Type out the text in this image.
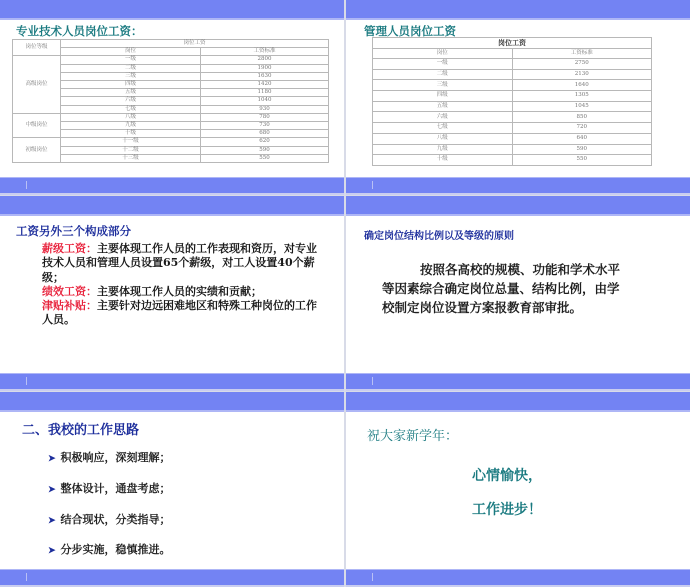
专业技术人员岗位工资：
岗位等级	岗位工资	
	岗位	工资标准
高级岗位	一级	2800
	二级	1900
	三级	1630
	四级	1420
	五级	1180
	六级	1040
	七级	930
中级岗位	八级	780
	九级	730
	十级	680
初级岗位	十一级	620
	十二级	590
	十三级	550
管理人员岗位工资
岗位工资	
岗位	工资标准
一级	2750
二级	2130
三级	1640
四级	1305
五级	1045
六级	850
七级	720
八级	640
九级	590
十级	550
工资另外三个构成部分
薪级工资：主要体现工作人员的工作表现和资历，对专业技术人员和管理人员设置65个薪级，对工人设置40个薪级；
绩效工资：主要体现工作人员的实绩和贡献；
津贴补贴：主要针对边远困难地区和特殊工种岗位的工作人员。
确定岗位结构比例以及等级的原则
按照各高校的规模、功能和学术水平等因素综合确定岗位总量、结构比例，由学校制定岗位设置方案报教育部审批。
二、我校的工作思路
➤ 积极响应，深刻理解；
➤ 整体设计，通盘考虑；
➤ 结合现状，分类指导；
➤ 分步实施，稳慎推进。
祝大家新学年：
心情愉快，
工作进步！
